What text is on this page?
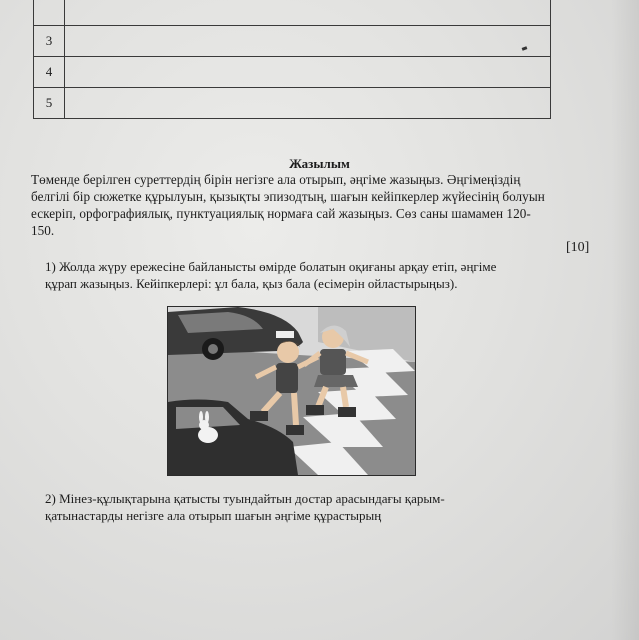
3	
4	
5	
Жазылым
Төменде берілген суреттердің бірін негізге ала отырып, әңгіме жазыңыз. Әңгімеңіздің
белгілі бір сюжетке құрылуын, қызықты эпизодтың, шағын кейіпкерлер жүйесінің болуын
ескеріп, орфографиялық, пунктуациялық нормаға сай жазыңыз. Сөз саны шамамен 120-
150.
[10]
1) Жолда жүру ережесіне байланысты өмірде болатын оқиғаны арқау етіп, әңгіме
құрап жазыңыз. Кейіпкерлері: ұл бала, қыз бала (есімерін ойластырыңыз).
2) Мінез-құлықтарына қатысты туындайтын достар арасындағы қарым-
қатынастарды негізге ала отырып шағын әңгіме құрастырың
